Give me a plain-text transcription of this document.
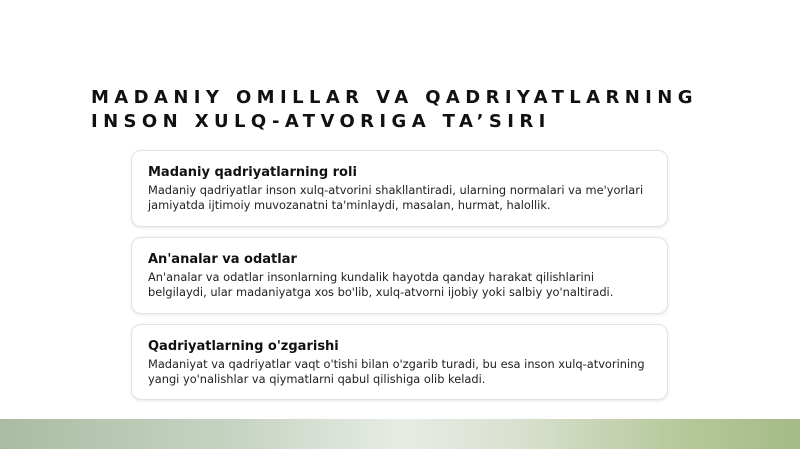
MADANIY OMILLAR VA QADRIYATLARNING INSON XULQ-ATVORIGA TA’SIRI
Madaniy qadriyatlarning roli

Madaniy qadriyatlar inson xulq-atvorini shakllantiradi, ularning normalari va me'yorlari jamiyatda ijtimoiy muvozanatni ta'minlaydi, masalan, hurmat, halollik.

An'analar va odatlar

An'analar va odatlar insonlarning kundalik hayotda qanday harakat qilishlarini belgilaydi, ular madaniyatga xos bo'lib, xulq-atvorni ijobiy yoki salbiy yo'naltiradi.

Qadriyatlarning o'zgarishi

Madaniyat va qadriyatlar vaqt o'tishi bilan o'zgarib turadi, bu esa inson xulq-atvorining yangi yo'nalishlar va qiymatlarni qabul qilishiga olib keladi.
